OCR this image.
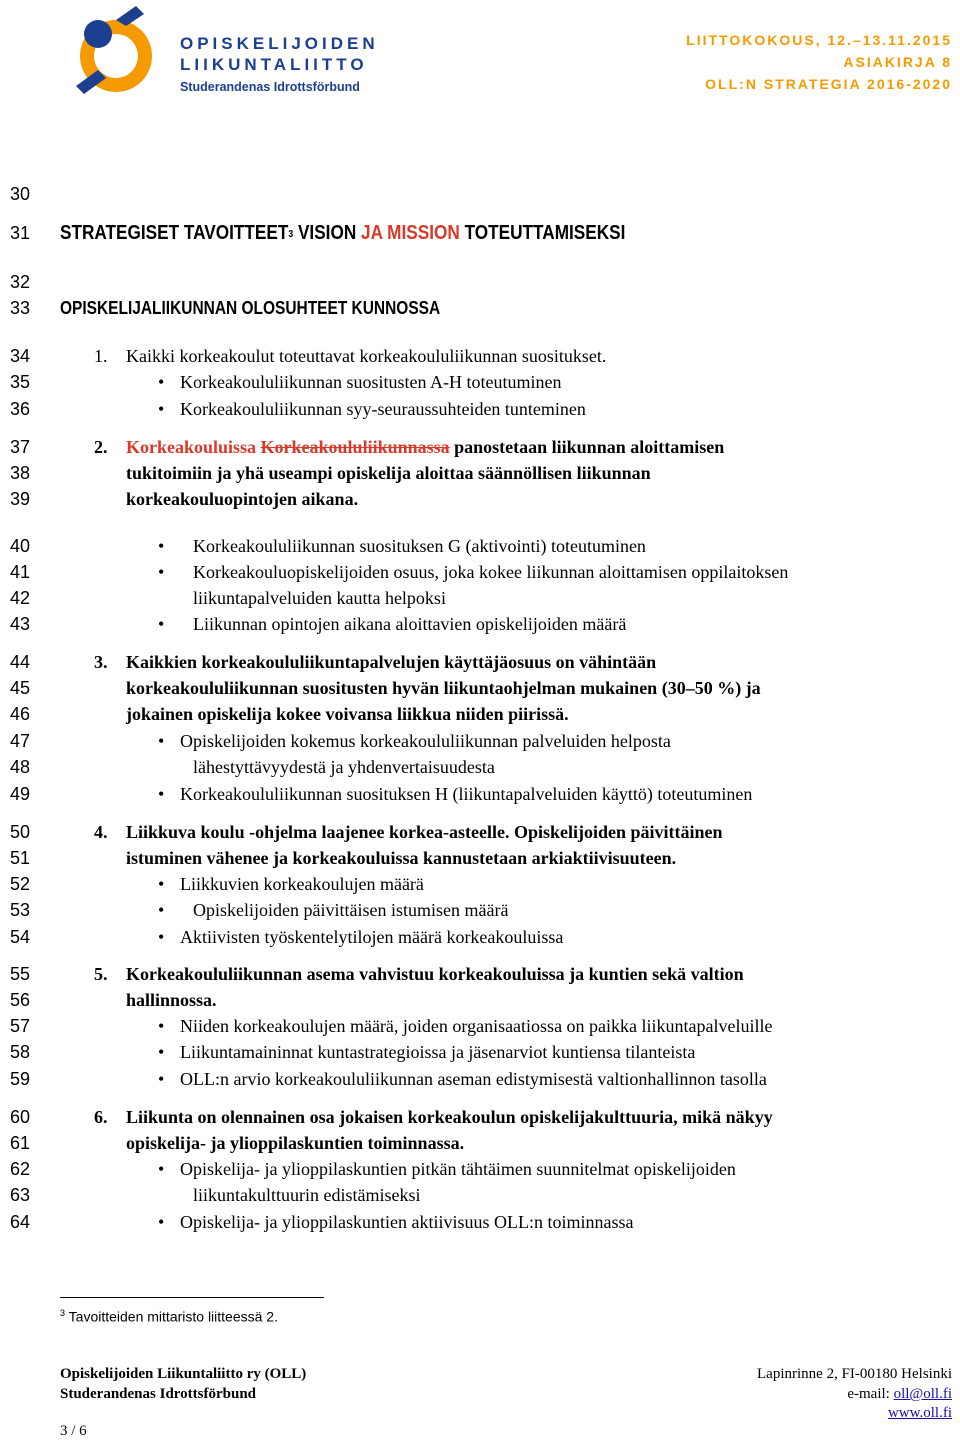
OPISKELIJOIDEN
LIIKUNTALIITTO
Studerandenas Idrottsförbund
LIITTOKOKOUS, 12.–13.11.2015
ASIAKIRJA 8
OLL:N STRATEGIA 2016-2020
30
31
32
33
34
35
36
37
38
39
40
41
42
43
44
45
46
47
48
49
50
51
52
53
54
55
56
57
58
59
60
61
62
63
64
STRATEGISET TAVOITTEET$^3$ VISION JA MISSION TOTEUTTAMISEKSI
OPISKELIJALIIKUNNAN OLOSUHTEET KUNNOSSA
1. Kaikki korkeakoulut toteuttavat korkeakoululiikunnan suositukset.
• Korkeakoululiikunnan suositusten A-H toteutuminen
• Korkeakoululiikunnan syy-seuraussuhteiden tunteminen
2. Korkeakouluissa Korkeakoululiikunnassa panostetaan liikunnan aloittamisen
tukitoimiin ja yhä useampi opiskelija aloittaa säännöllisen liikunnan
korkeakouluopintojen aikana.
• Korkeakoululiikunnan suosituksen G (aktivointi) toteutuminen
• Korkeakouluopiskelijoiden osuus, joka kokee liikunnan aloittamisen oppilaitoksen
liikuntapalveluiden kautta helpoksi
• Liikunnan opintojen aikana aloittavien opiskelijoiden määrä
3. Kaikkien korkeakoululiikuntapalvelujen käyttäjäosuus on vähintään
korkeakoululiikunnan suositusten hyvän liikuntaohjelman mukainen (30–50 %) ja
jokainen opiskelija kokee voivansa liikkua niiden piirissä.
• Opiskelijoiden kokemus korkeakoululiikunnan palveluiden helposta
lähestyttävyydestä ja yhdenvertaisuudesta
• Korkeakoululiikunnan suosituksen H (liikuntapalveluiden käyttö) toteutuminen
4. Liikkuva koulu -ohjelma laajenee korkea-asteelle. Opiskelijoiden päivittäinen
istuminen vähenee ja korkeakouluissa kannustetaan arkiaktiivisuuteen.
• Liikkuvien korkeakoulujen määrä
• Opiskelijoiden päivittäisen istumisen määrä
• Aktiivisten työskentelytilojen määrä korkeakouluissa
5. Korkeakoululiikunnan asema vahvistuu korkeakouluissa ja kuntien sekä valtion
hallinnossa.
• Niiden korkeakoulujen määrä, joiden organisaatiossa on paikka liikuntapalveluille
• Liikuntamaininnat kuntastrategioissa ja jäsenarviot kuntiensa tilanteista
• OLL:n arvio korkeakoululiikunnan aseman edistymisestä valtionhallinnon tasolla
6. Liikunta on olennainen osa jokaisen korkeakoulun opiskelijakulttuuria, mikä näkyy
opiskelija- ja ylioppilaskuntien toiminnassa.
• Opiskelija- ja ylioppilaskuntien pitkän tähtäimen suunnitelmat opiskelijoiden
liikuntakulttuurin edistämiseksi
• Opiskelija- ja ylioppilaskuntien aktiivisuus OLL:n toiminnassa
$^3$ Tavoitteiden mittaristo liitteessä 2.
Opiskelijoiden Liikuntaliitto ry (OLL)
Studerandenas Idrottsförbund
Lapinrinne 2, FI-00180 Helsinki
e-mail: oll@oll.fi
www.oll.fi
3 / 6
